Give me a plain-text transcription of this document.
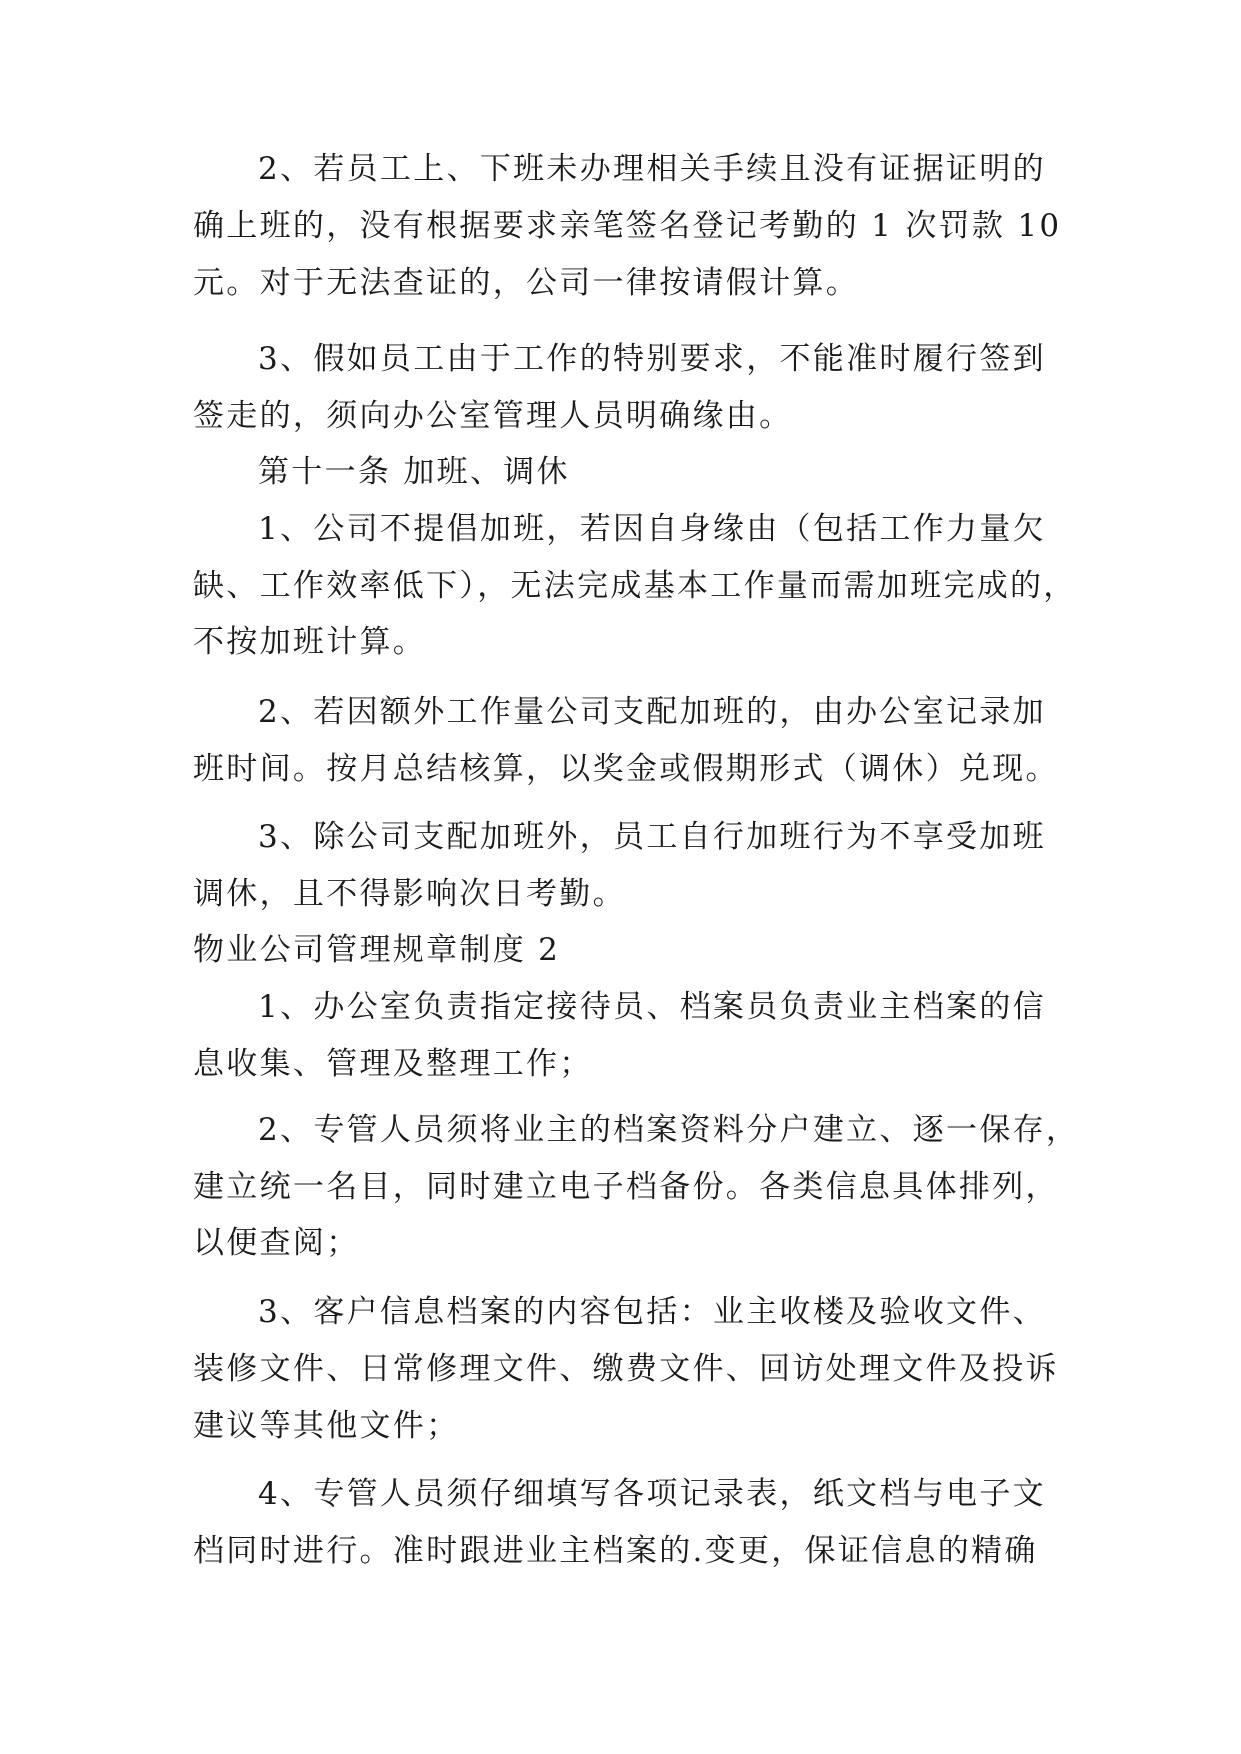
2、若员工上、下班未办理相关手续且没有证据证明的
确上班的，没有根据要求亲笔签名登记考勤的 1 次罚款 10
元。对于无法查证的，公司一律按请假计算。
3、假如员工由于工作的特别要求，不能准时履行签到
签走的，须向办公室管理人员明确缘由。
第十一条 加班、调休
1、公司不提倡加班，若因自身缘由（包括工作力量欠
缺、工作效率低下），无法完成基本工作量而需加班完成的，
不按加班计算。
2、若因额外工作量公司支配加班的，由办公室记录加
班时间。按月总结核算，以奖金或假期形式（调休）兑现。
3、除公司支配加班外，员工自行加班行为不享受加班
调休，且不得影响次日考勤。
物业公司管理规章制度 2
1、办公室负责指定接待员、档案员负责业主档案的信
息收集、管理及整理工作；
2、专管人员须将业主的档案资料分户建立、逐一保存，
建立统一名目，同时建立电子档备份。各类信息具体排列，
以便查阅；
3、客户信息档案的内容包括：业主收楼及验收文件、
装修文件、日常修理文件、缴费文件、回访处理文件及投诉
建议等其他文件；
4、专管人员须仔细填写各项记录表，纸文档与电子文
档同时进行。准时跟进业主档案的.变更，保证信息的精确
